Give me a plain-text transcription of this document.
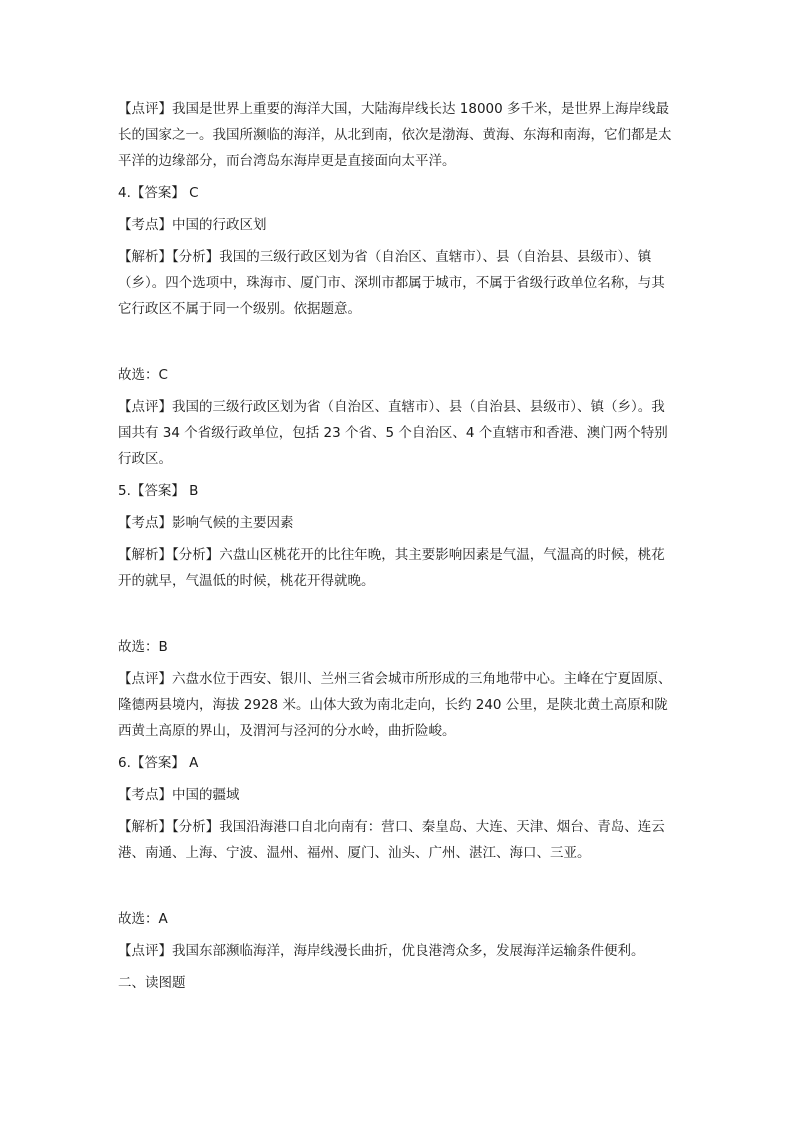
【点评】我国是世界上重要的海洋大国，大陆海岸线长达 18000 多千米，是世界上海岸线最长的国家之一。我国所濒临的海洋，从北到南，依次是渤海、黄海、东海和南海，它们都是太平洋的边缘部分，而台湾岛东海岸更是直接面向太平洋。

4.【答案】 C

【考点】中国的行政区划

【解析】【分析】我国的三级行政区划为省（自治区、直辖市）、县（自治县、县级市）、镇（乡）。四个选项中，珠海市、厦门市、深圳市都属于城市，不属于省级行政单位名称，与其它行政区不属于同一个级别。依据题意。

故选：C

【点评】我国的三级行政区划为省（自治区、直辖市）、县（自治县、县级市）、镇（乡）。我国共有 34 个省级行政单位，包括 23 个省、5 个自治区、4 个直辖市和香港、澳门两个特别行政区。

5.【答案】 B

【考点】影响气候的主要因素

【解析】【分析】六盘山区桃花开的比往年晚，其主要影响因素是气温，气温高的时候，桃花开的就早，气温低的时候，桃花开得就晚。

故选：B

【点评】六盘水位于西安、银川、兰州三省会城市所形成的三角地带中心。主峰在宁夏固原、隆德两县境内，海拔 2928 米。山体大致为南北走向，长约 240 公里，是陕北黄土高原和陇西黄土高原的界山，及渭河与泾河的分水岭，曲折险峻。

6.【答案】 A

【考点】中国的疆域

【解析】【分析】我国沿海港口自北向南有：营口、秦皇岛、大连、天津、烟台、青岛、连云港、南通、上海、宁波、温州、福州、厦门、汕头、广州、湛江、海口、三亚。

故选：A

【点评】我国东部濒临海洋，海岸线漫长曲折，优良港湾众多，发展海洋运输条件便利。

二、读图题
